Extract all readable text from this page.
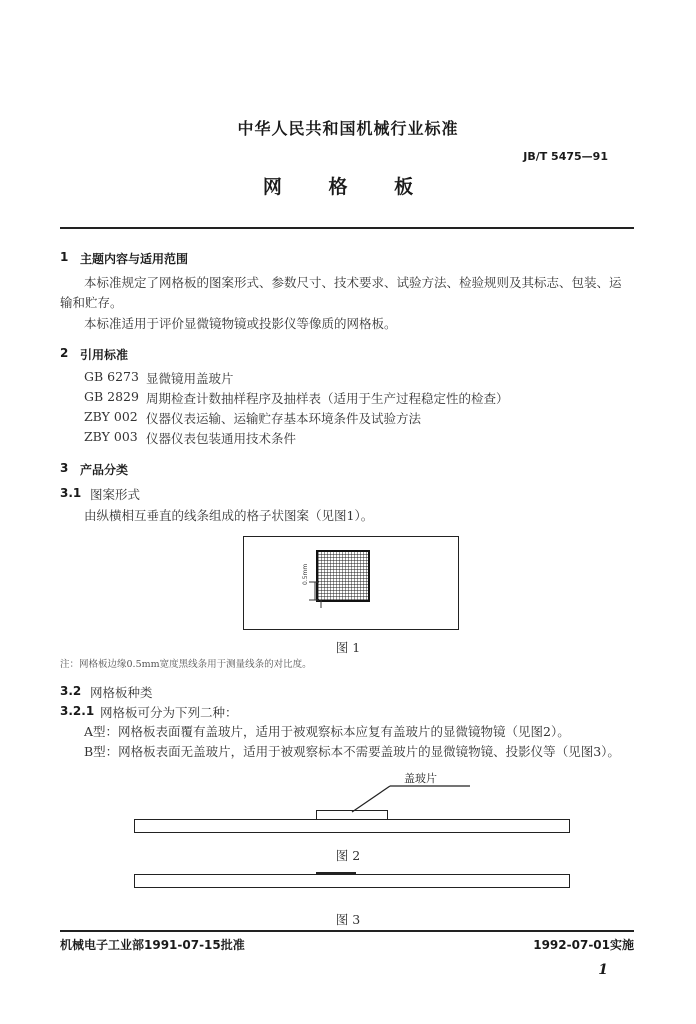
中华人民共和国机械行业标准
JB/T 5475—91
网 格 板
1 主题内容与适用范围
本标准规定了网格板的图案形式、参数尺寸、技术要求、试验方法、检验规则及其标志、包装、运
输和贮存。
本标准适用于评价显微镜物镜或投影仪等像质的网格板。
2 引用标准
GB 6273 显微镜用盖玻片
GB 2829 周期检查计数抽样程序及抽样表（适用于生产过程稳定性的检查）
ZBY 002 仪器仪表运输、运输贮存基本环境条件及试验方法
ZBY 003 仪器仪表包装通用技术条件
3 产品分类
3.1 图案形式
由纵横相互垂直的线条组成的格子状图案（见图1）。
0.5mm
图 1
注：网格板边缘0.5mm宽度黑线条用于测量线条的对比度。
3.2 网格板种类
3.2.1 网格板可分为下列二种：
A型：网格板表面覆有盖玻片，适用于被观察标本应复有盖玻片的显微镜物镜（见图2）。
B型：网格板表面无盖玻片，适用于被观察标本不需要盖玻片的显微镜物镜、投影仪等（见图3）。
盖玻片
图 2
图 3
机械电子工业部1991-07-15批准	1992-07-01实施
1
